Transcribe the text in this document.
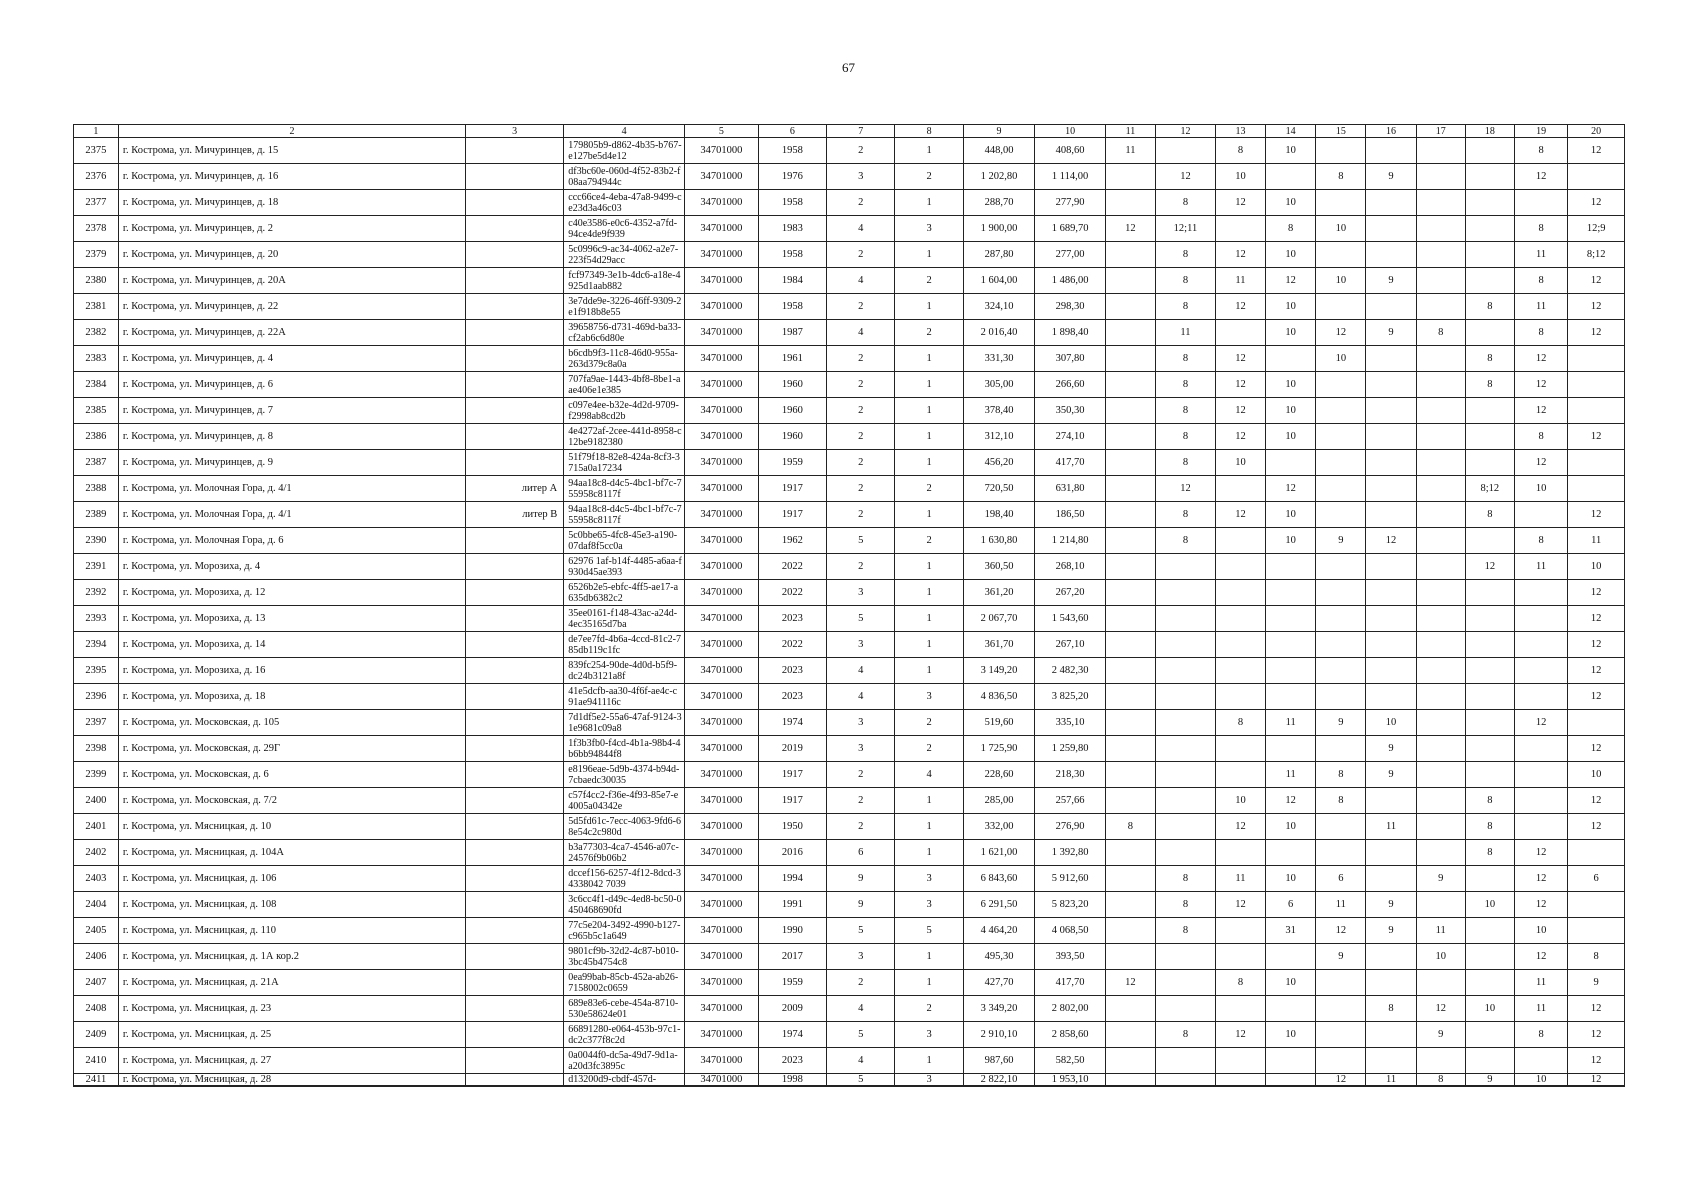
67
1	2	3	4	5	6	7	8	9	10	11	12	13	14	15	16	17	18	19	20
2375	г. Кострома, ул. Мичуринцев, д. 15		179805b9-d862-4b35-b767-e127be5d4e12	34701000	1958	2	1	448,00	408,60	11		8	10					8	12
2376	г. Кострома, ул. Мичуринцев, д. 16		df3bc60e-060d-4f52-83b2-f08aa794944c	34701000	1976	3	2	1 202,80	1 114,00		12	10		8	9			12	
2377	г. Кострома, ул. Мичуринцев, д. 18		ccc66ce4-4eba-47a8-9499-ce23d3a46c03	34701000	1958	2	1	288,70	277,90		8	12	10						12
2378	г. Кострома, ул. Мичуринцев, д. 2		c40e3586-e0c6-4352-a7fd-94ce4de9f939	34701000	1983	4	3	1 900,00	1 689,70	12	12;11		8	10				8	12;9
2379	г. Кострома, ул. Мичуринцев, д. 20		5c0996c9-ac34-4062-a2e7-223f54d29acc	34701000	1958	2	1	287,80	277,00		8	12	10					11	8;12
2380	г. Кострома, ул. Мичуринцев, д. 20А		fcf97349-3e1b-4dc6-a18e-4925d1aab882	34701000	1984	4	2	1 604,00	1 486,00		8	11	12	10	9			8	12
2381	г. Кострома, ул. Мичуринцев, д. 22		3e7dde9e-3226-46ff-9309-2e1f918b8e55	34701000	1958	2	1	324,10	298,30		8	12	10				8	11	12
2382	г. Кострома, ул. Мичуринцев, д. 22А		39658756-d731-469d-ba33-cf2ab6c6d80e	34701000	1987	4	2	2 016,40	1 898,40		11		10	12	9	8		8	12
2383	г. Кострома, ул. Мичуринцев, д. 4		b6cdb9f3-11c8-46d0-955a-263d379c8a0a	34701000	1961	2	1	331,30	307,80		8	12		10			8	12	
2384	г. Кострома, ул. Мичуринцев, д. 6		707fa9ae-1443-4bf8-8be1-aae406e1e385	34701000	1960	2	1	305,00	266,60		8	12	10				8	12	
2385	г. Кострома, ул. Мичуринцев, д. 7		c097e4ee-b32e-4d2d-9709-f2998ab8cd2b	34701000	1960	2	1	378,40	350,30		8	12	10					12	
2386	г. Кострома, ул. Мичуринцев, д. 8		4e4272af-2cee-441d-8958-c12be9182380	34701000	1960	2	1	312,10	274,10		8	12	10					8	12
2387	г. Кострома, ул. Мичуринцев, д. 9		51f79f18-82e8-424a-8cf3-3715a0a17234	34701000	1959	2	1	456,20	417,70		8	10						12	
2388	г. Кострома, ул. Молочная Гора, д. 4/1	литер А	94aa18c8-d4c5-4bc1-bf7c-755958c8117f	34701000	1917	2	2	720,50	631,80		12		12				8;12	10	
2389	г. Кострома, ул. Молочная Гора, д. 4/1	литер В	94aa18c8-d4c5-4bc1-bf7c-755958c8117f	34701000	1917	2	1	198,40	186,50		8	12	10				8		12
2390	г. Кострома, ул. Молочная Гора, д. 6		5c0bbe65-4fc8-45e3-a190-07daf8f5cc0a	34701000	1962	5	2	1 630,80	1 214,80		8		10	9	12			8	11
2391	г. Кострома, ул. Морозиха, д. 4		62976 1af-b14f-4485-a6aa-f930d45ae393	34701000	2022	2	1	360,50	268,10								12	11	10
2392	г. Кострома, ул. Морозиха, д. 12		6526b2e5-ebfc-4ff5-ae17-a635db6382c2	34701000	2022	3	1	361,20	267,20										12
2393	г. Кострома, ул. Морозиха, д. 13		35ee0161-f148-43ac-a24d-4ec35165d7ba	34701000	2023	5	1	2 067,70	1 543,60										12
2394	г. Кострома, ул. Морозиха, д. 14		de7ee7fd-4b6a-4ccd-81c2-785db119c1fc	34701000	2022	3	1	361,70	267,10										12
2395	г. Кострома, ул. Морозиха, д. 16		839fc254-90de-4d0d-b5f9-dc24b3121a8f	34701000	2023	4	1	3 149,20	2 482,30										12
2396	г. Кострома, ул. Морозиха, д. 18		41e5dcfb-aa30-4f6f-ae4c-c91ae941116c	34701000	2023	4	3	4 836,50	3 825,20										12
2397	г. Кострома, ул. Московская, д. 105		7d1df5e2-55a6-47af-9124-31e9681c09a8	34701000	1974	3	2	519,60	335,10			8	11	9	10			12	
2398	г. Кострома, ул. Московская, д. 29Г		1f3b3fb0-f4cd-4b1a-98b4-4b6bb94844f8	34701000	2019	3	2	1 725,90	1 259,80						9				12
2399	г. Кострома, ул. Московская, д. 6		e8196eae-5d9b-4374-b94d-7cbaedc30035	34701000	1917	2	4	228,60	218,30				11	8	9				10
2400	г. Кострома, ул. Московская, д. 7/2		c57f4cc2-f36e-4f93-85e7-e4005a04342e	34701000	1917	2	1	285,00	257,66			10	12	8			8		12
2401	г. Кострома, ул. Мясницкая, д. 10		5d5fd61c-7ecc-4063-9fd6-68e54c2c980d	34701000	1950	2	1	332,00	276,90	8		12	10		11		8		12
2402	г. Кострома, ул. Мясницкая, д. 104А		b3a77303-4ca7-4546-a07c-24576f9b06b2	34701000	2016	6	1	1 621,00	1 392,80								8	12	
2403	г. Кострома, ул. Мясницкая, д. 106		dccef156-6257-4f12-8dcd-34338042 7039	34701000	1994	9	3	6 843,60	5 912,60		8	11	10	6		9		12	6
2404	г. Кострома, ул. Мясницкая, д. 108		3c6cc4f1-d49c-4ed8-bc50-0450468690fd	34701000	1991	9	3	6 291,50	5 823,20		8	12	6	11	9		10	12	
2405	г. Кострома, ул. Мясницкая, д. 110		77c5e204-3492-4990-b127-c965b5c1a649	34701000	1990	5	5	4 464,20	4 068,50		8		31	12	9	11		10	
2406	г. Кострома, ул. Мясницкая, д. 1А кор.2		9801cf9b-32d2-4c87-b010-3bc45b4754c8	34701000	2017	3	1	495,30	393,50					9		10		12	8
2407	г. Кострома, ул. Мясницкая, д. 21А		0ea99bab-85cb-452a-ab26-7158002c0659	34701000	1959	2	1	427,70	417,70	12		8	10					11	9
2408	г. Кострома, ул. Мясницкая, д. 23		689e83e6-cebe-454a-8710-530e58624e01	34701000	2009	4	2	3 349,20	2 802,00						8	12	10	11	12
2409	г. Кострома, ул. Мясницкая, д. 25		66891280-e064-453b-97c1-dc2c377f8c2d	34701000	1974	5	3	2 910,10	2 858,60		8	12	10			9		8	12
2410	г. Кострома, ул. Мясницкая, д. 27		0a0044f0-dc5a-49d7-9d1a-a20d3fc3895c	34701000	2023	4	1	987,60	582,50										12
2411	г. Кострома, ул. Мясницкая, д. 28		d13200d9-cbdf-457d-	34701000	1998	5	3	2 822,10	1 953,10					12	11	8	9	10	12
